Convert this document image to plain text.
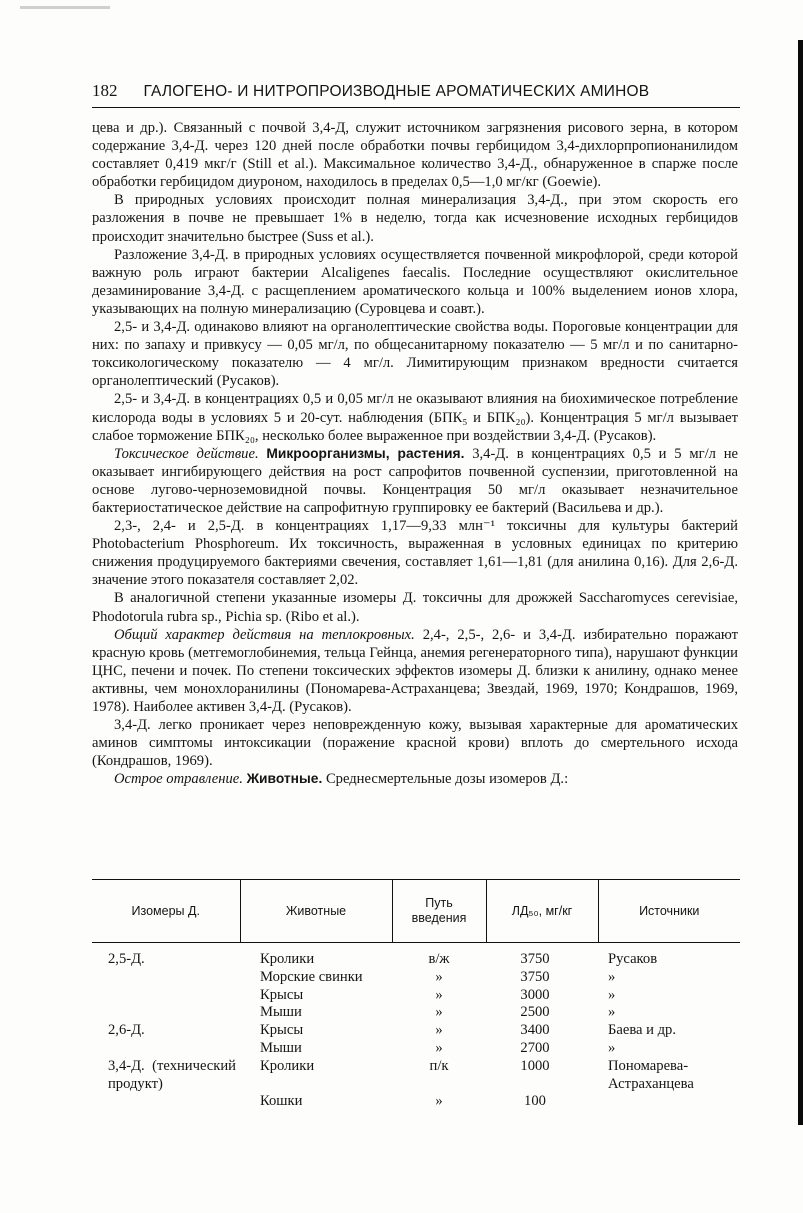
182 ГАЛОГЕНО- И НИТРОПРОИЗВОДНЫЕ АРОМАТИЧЕСКИХ АМИНОВ

цева и др.). Связанный с почвой 3,4-Д, служит источником загрязнения рисового зерна, в котором содержание 3,4-Д. через 120 дней после обработки почвы гербицидом 3,4-дихлорпропионанилидом составляет 0,419 мкг/г (Still et al.). Максимальное количество 3,4-Д., обнаруженное в спарже после обработки гербицидом диуроном, находилось в пределах 0,5—1,0 мг/кг (Goewie).

В природных условиях происходит полная минерализация 3,4-Д., при этом скорость его разложения в почве не превышает 1% в неделю, тогда как исчезновение исходных гербицидов происходит значительно быстрее (Suss et al.).

Разложение 3,4-Д. в природных условиях осуществляется почвенной микрофлорой, среди которой важную роль играют бактерии Alcaligenes faecalis. Последние осуществляют окислительное дезаминирование 3,4-Д. с расщеплением ароматического кольца и 100% выделением ионов хлора, указывающих на полную минерализацию (Суровцева и соавт.).

2,5- и 3,4-Д. одинаково влияют на органолептические свойства воды. Пороговые концентрации для них: по запаху и привкусу — 0,05 мг/л, по общесанитарному показателю — 5 мг/л и по санитарно-токсикологическому показателю — 4 мг/л. Лимитирующим признаком вредности считается органолептический (Русаков).

2,5- и 3,4-Д. в концентрациях 0,5 и 0,05 мг/л не оказывают влияния на биохимическое потребление кислорода воды в условиях 5 и 20-сут. наблюдения (БПК₅ и БПК₂₀). Концентрация 5 мг/л вызывает слабое торможение БПК₂₀, несколько более выраженное при воздействии 3,4-Д. (Русаков).

Токсическое действие. Микроорганизмы, растения. 3,4-Д. в концентрациях 0,5 и 5 мг/л не оказывает ингибирующего действия на рост сапрофитов почвенной суспензии, приготовленной на основе лугово-черноземовидной почвы. Концентрация 50 мг/л оказывает незначительное бактериостатическое действие на сапрофитную группировку ее бактерий (Васильева и др.).

2,3-, 2,4- и 2,5-Д. в концентрациях 1,17—9,33 млн⁻¹ токсичны для культуры бактерий Photobacterium Phosphoreum. Их токсичность, выраженная в условных единицах по критерию снижения продуцируемого бактериями свечения, составляет 1,61—1,81 (для анилина 0,16). Для 2,6-Д. значение этого показателя составляет 2,02.

В аналогичной степени указанные изомеры Д. токсичны для дрожжей Saccharomyces cerevisiae, Phodotorula rubra sp., Pichia sp. (Ribo et al.).

Общий характер действия на теплокровных. 2,4-, 2,5-, 2,6- и 3,4-Д. избирательно поражают красную кровь (метгемоглобинемия, тельца Гейнца, анемия регенераторного типа), нарушают функции ЦНС, печени и почек. По степени токсических эффектов изомеры Д. близки к анилину, однако менее активны, чем монохлоранилины (Пономарева-Астраханцева; Звездай, 1969, 1970; Кондрашов, 1969, 1978). Наиболее активен 3,4-Д. (Русаков).

3,4-Д. легко проникает через неповрежденную кожу, вызывая характерные для ароматических аминов симптомы интоксикации (поражение красной крови) вплоть до смертельного исхода (Кондрашов, 1969).

Острое отравление. Животные. Среднесмертельные дозы изомеров Д.:

Изомеры Д.	Животные	Путь введения	ЛД₅₀, мг/кг	Источники
2,5-Д.	Кролики	в/ж	3750	Русаков
	Морские свинки	»	3750	»
	Крысы	»	3000	»
	Мыши	»	2500	»
2,6-Д.	Крысы	»	3400	Баева и др.
	Мыши	»	2700	»
3,4-Д. (технический продукт)	Кролики	п/к	1000	Пономарева-Астраханцева
	Кошки	»	100	
